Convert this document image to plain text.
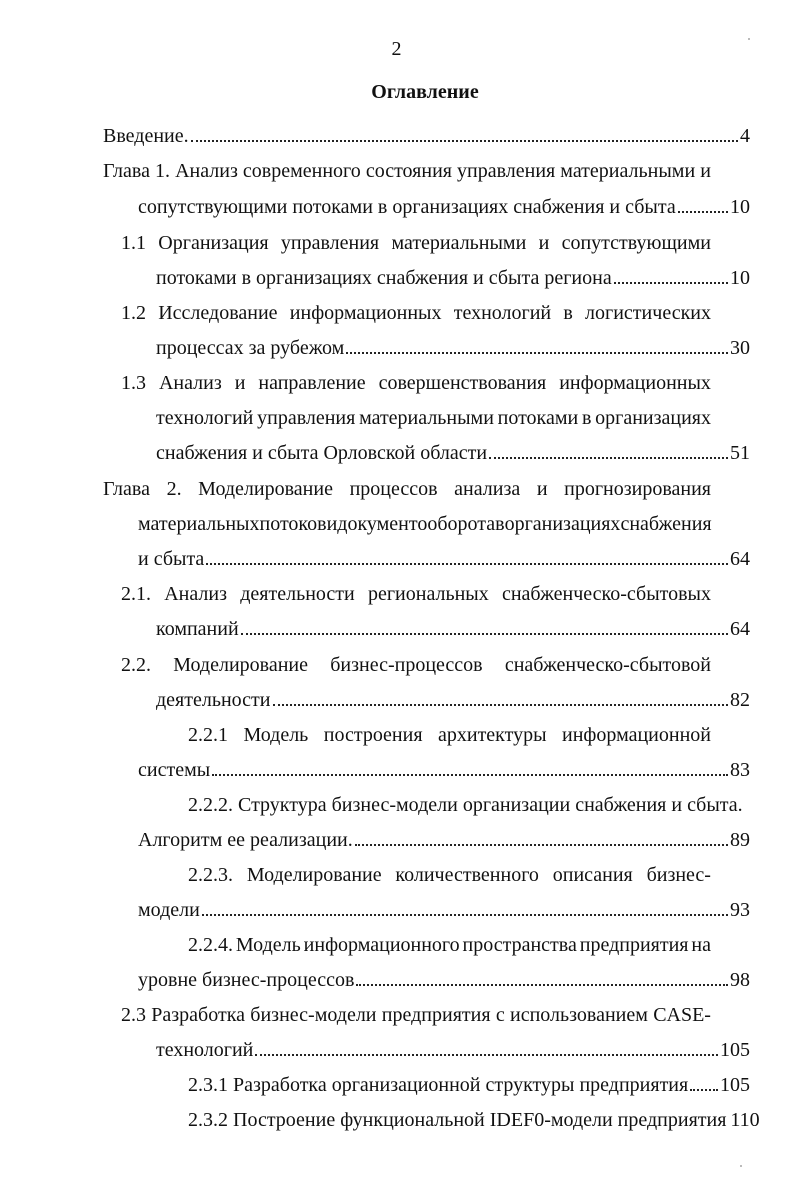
2
Оглавление
Введение.	4
Глава 1. Анализ современного состояния управления материальными и
сопутствующими потоками в организациях снабжения и сбыта	10
1.1 Организация управления материальными и сопутствующими
потоками в организациях снабжения и сбыта региона	10
1.2 Исследование информационных технологий в логистических
процессах за рубежом	30
1.3 Анализ и направление совершенствования информационных
технологий управления материальными потоками в организациях
снабжения и сбыта Орловской области	51
Глава 2. Моделирование процессов анализа и прогнозирования
материальных потоков и документооборота в организациях снабжения
и сбыта	64
2.1. Анализ деятельности региональных снабженческо-сбытовых
компаний	64
2.2. Моделирование бизнес-процессов снабженческо-сбытовой
деятельности	82
2.2.1 Модель построения архитектуры информационной
системы	83
2.2.2. Структура бизнес-модели организации снабжения и сбыта.
Алгоритм ее реализации.	89
2.2.3. Моделирование количественного описания бизнес-
модели	93
2.2.4. Модель информационного пространства предприятия на
уровне бизнес-процессов	98
2.3 Разработка бизнес-модели предприятия с использованием CASE-
технологий	105
2.3.1 Разработка организационной структуры предприятия 105
2.3.2 Построение функциональной IDEF0-модели предприятия 110
